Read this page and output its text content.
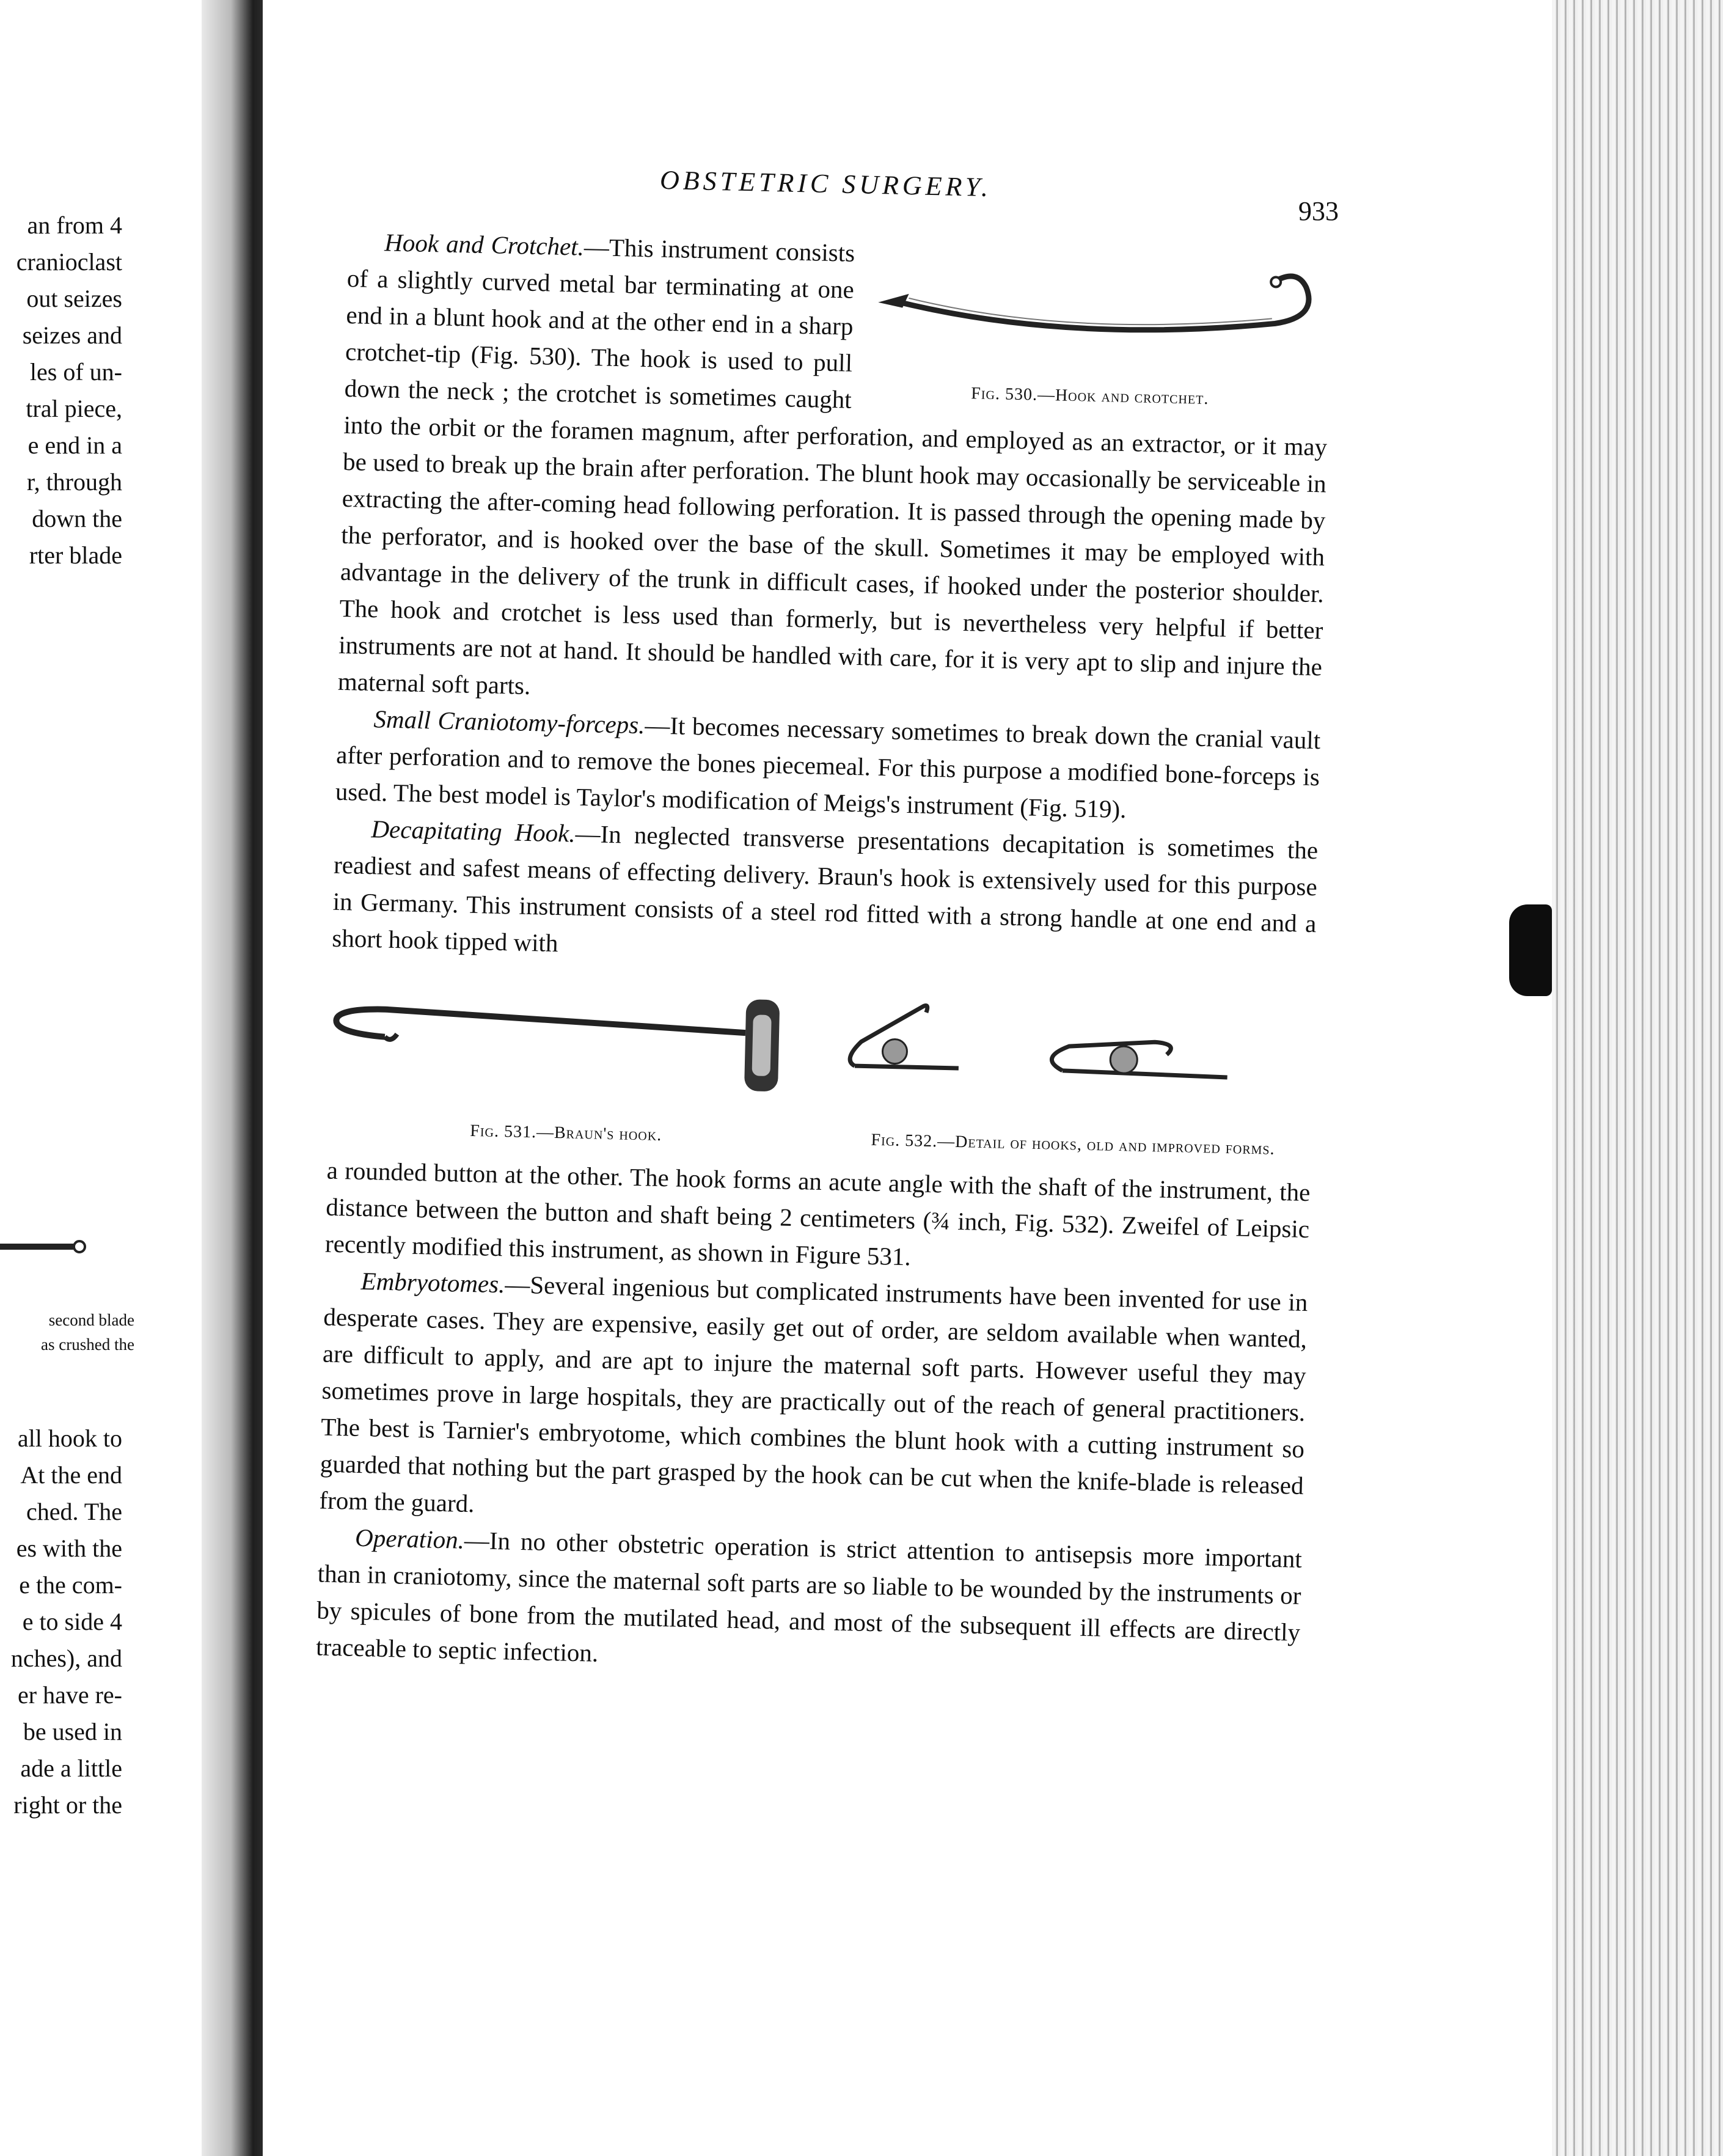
an from 4
cranioclast
out seizes
seizes and
les of un-
tral piece,
e end in a
r, through
down the
rter blade
second blade
as crushed the
all hook to
At the end
ched. The
es with the
e the com-
e to side 4
nches), and
er have re-
be used in
ade a little
right or the
OBSTETRIC SURGERY.
933
Fig. 530.—Hook and crotchet.

Hook and Crotchet.—This instrument consists of a slightly curved metal bar terminating at one end in a blunt hook and at the other end in a sharp crotchet-tip (Fig. 530). The hook is used to pull down the neck ; the crotchet is sometimes caught into the orbit or the foramen magnum, after perforation, and employed as an extractor, or it may be used to break up the brain after perforation. The blunt hook may occasionally be serviceable in extracting the after-coming head following perforation. It is passed through the opening made by the perforator, and is hooked over the base of the skull. Sometimes it may be employed with advantage in the delivery of the trunk in difficult cases, if hooked under the posterior shoulder. The hook and crotchet is less used than formerly, but is nevertheless very helpful if better instruments are not at hand. It should be handled with care, for it is very apt to slip and injure the maternal soft parts.

Small Craniotomy-forceps.—It becomes necessary sometimes to break down the cranial vault after perforation and to remove the bones piecemeal. For this purpose a modified bone-forceps is used. The best model is Taylor's modification of Meigs's instrument (Fig. 519).

Decapitating Hook.—In neglected transverse presentations decapitation is sometimes the readiest and safest means of effecting delivery. Braun's hook is extensively used for this purpose in Germany. This instrument consists of a steel rod fitted with a strong handle at one end and a short hook tipped with

Fig. 531.—Braun's hook.	Fig. 532.—Detail of hooks, old and improved forms.

a rounded button at the other. The hook forms an acute angle with the shaft of the instrument, the distance between the button and shaft being 2 centimeters (¾ inch, Fig. 532). Zweifel of Leipsic recently modified this instrument, as shown in Figure 531.

Embryotomes.—Several ingenious but complicated instruments have been invented for use in desperate cases. They are expensive, easily get out of order, are seldom available when wanted, are difficult to apply, and are apt to injure the maternal soft parts. However useful they may sometimes prove in large hospitals, they are practically out of the reach of general practitioners. The best is Tarnier's embryotome, which combines the blunt hook with a cutting instrument so guarded that nothing but the part grasped by the hook can be cut when the knife-blade is released from the guard.

Operation.—In no other obstetric operation is strict attention to antisepsis more important than in craniotomy, since the maternal soft parts are so liable to be wounded by the instruments or by spicules of bone from the mutilated head, and most of the subsequent ill effects are directly traceable to septic infection.
